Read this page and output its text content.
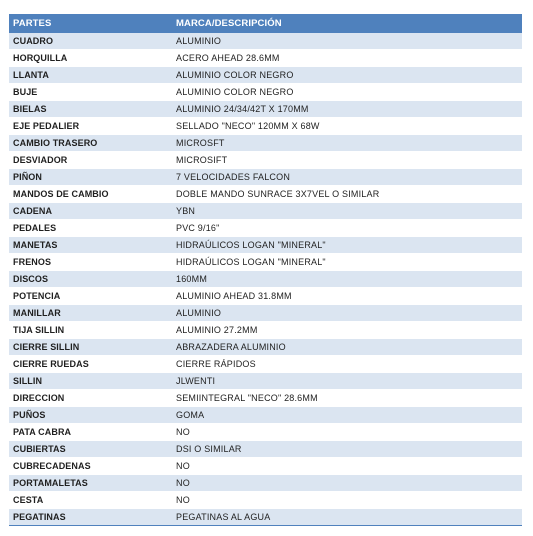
PARTES	MARCA/DESCRIPCIÓN
CUADRO	ALUMINIO
HORQUILLA	ACERO AHEAD 28.6MM
LLANTA	ALUMINIO COLOR NEGRO
BUJE	ALUMINIO COLOR NEGRO
BIELAS	ALUMINIO 24/34/42T X 170MM
EJE PEDALIER	SELLADO "NECO" 120MM X 68W
CAMBIO TRASERO	MICROSFT
DESVIADOR	MICROSIFT
PIÑON	7 VELOCIDADES FALCON
MANDOS DE CAMBIO	DOBLE MANDO SUNRACE 3X7VEL O SIMILAR
CADENA	YBN
PEDALES	PVC 9/16"
MANETAS	HIDRAÚLICOS LOGAN "MINERAL"
FRENOS	HIDRAÚLICOS LOGAN "MINERAL"
DISCOS	160MM
POTENCIA	ALUMINIO AHEAD 31.8MM
MANILLAR	ALUMINIO
TIJA SILLIN	ALUMINIO 27.2MM
CIERRE SILLIN	ABRAZADERA ALUMINIO
CIERRE RUEDAS	CIERRE RÁPIDOS
SILLIN	JLWENTI
DIRECCION	SEMIINTEGRAL "NECO" 28.6MM
PUÑOS	GOMA
PATA CABRA	NO
CUBIERTAS	DSI O SIMILAR
CUBRECADENAS	NO
PORTAMALETAS	NO
CESTA	NO
PEGATINAS	PEGATINAS AL AGUA
